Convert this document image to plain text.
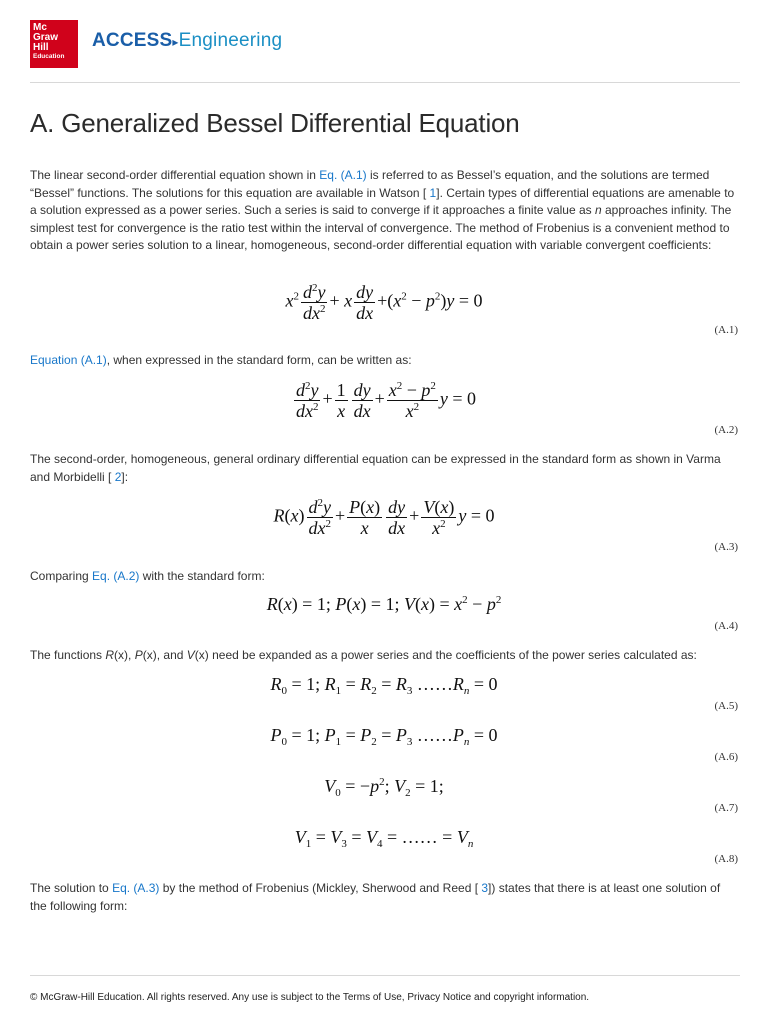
Mc
Graw
Hill
Education
ACCESS▸Engineering
A. Generalized Bessel Differential Equation

The linear second-order differential equation shown in Eq. (A.1) is referred to as Bessel’s equation, and the solutions are termed “Bessel” functions. The solutions for this equation are available in Watson [ 1]. Certain types of differential equations are amenable to a solution expressed as a power series. Such a series is said to converge if it approaches a finite value as n approaches infinity. The simplest test for convergence is the ratio test within the interval of convergence. The method of Frobenius is a convenient method to obtain a power series solution to a linear, homogeneous, second-order differential equation with variable convergent coefficients:

$x^2 \frac{d^2y}{dx^2} + x \frac{dy}{dx} +(x^2 - p^2)y = 0$
(A.1)

Equation (A.1), when expressed in the standard form, can be written as:

$\frac{d^2y}{dx^2} + \frac{1}{x} \frac{dy}{dx} + \frac{x^2 - p^2}{x^2}$ y = 0
(A.2)

The second-order, homogeneous, general ordinary differential equation can be expressed in the standard form as shown in Varma and Morbidelli [ 2]:

$R(x) \frac{d^2y}{dx^2} + \frac{P(x)}{x} \frac{dy}{dx} + \frac{V(x)}{x^2}$ y = 0
(A.3)

Comparing Eq. (A.2) with the standard form:

R(x) = 1; P(x) = 1; $V(x) = x^2 - p^2$
(A.4)

The functions R(x), P(x), and V(x) need be expanded as a power series and the coefficients of the power series calculated as:

$R_0 = 1$; $R_1 = R_2 = R_3$ $\dots\dots R_n = 0$
(A.5)
$P_0 = 1$; $P_1 = P_2 = P_3$ $\dots\dots P_n = 0$
(A.6)
$V_0 = -p^2$; $V_2 = 1$;
(A.7)
$V_1 = V_3 = V_4$ = …… = $V_n$
(A.8)

The solution to Eq. (A.3) by the method of Frobenius (Mickley, Sherwood and Reed [ 3]) states that there is at least one solution of the following form:

© McGraw-Hill Education. All rights reserved. Any use is subject to the Terms of Use, Privacy Notice and copyright information.
